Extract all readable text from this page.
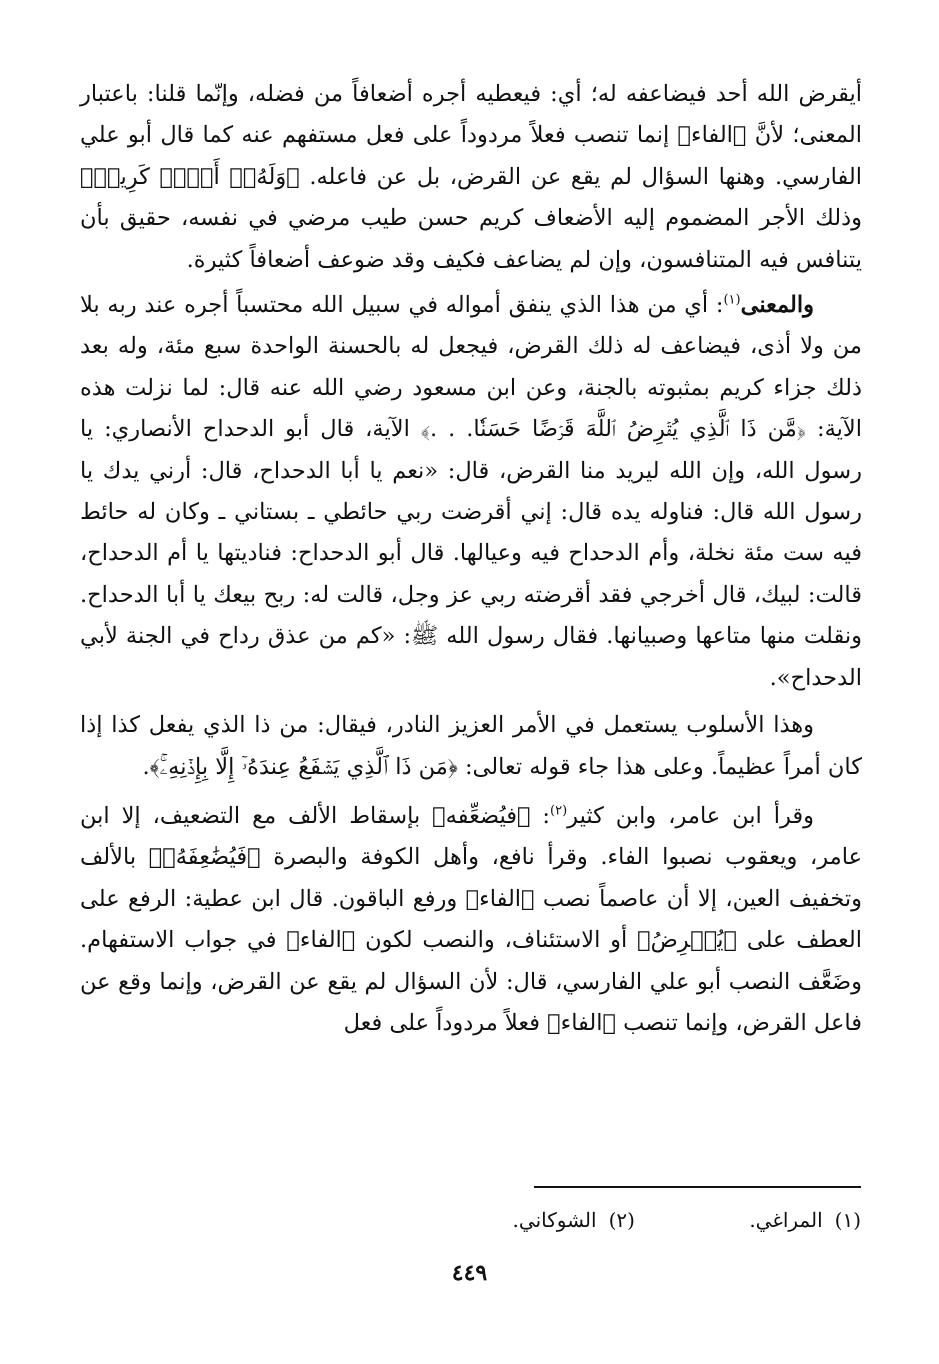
أيقرض الله أحد فيضاعفه له؛ أي: فيعطيه أجره أضعافاً من فضله، وإنّما قلنا: باعتبار المعنى؛ لأنَّ ﴿الفاء﴾ إنما تنصب فعلاً مردوداً على فعل مستفهم عنه كما قال أبو علي الفارسي. وهنها السؤال لم يقع عن القرض، بل عن فاعله. ﴿وَلَهُۥٓ أَجۡرٞ كَرِيمٞ﴾ وذلك الأجر المضموم إليه الأضعاف كريم حسن طيب مرضي في نفسه، حقيق بأن يتنافس فيه المتنافسون، وإن لم يضاعف فكيف وقد ضوعف أضعافاً كثيرة.

والمعنى$^{(١)}$: أي من هذا الذي ينفق أمواله في سبيل الله محتسباً أجره عند ربه بلا من ولا أذى، فيضاعف له ذلك القرض، فيجعل له بالحسنة الواحدة سبع مئة، وله بعد ذلك جزاء كريم بمثبوته بالجنة، وعن ابن مسعود رضي الله عنه قال: لما نزلت هذه الآية: ﴿مَّن ذَا ٱلَّذِي يُقۡرِضُ ٱللَّهَ قَرۡضًا حَسَنٗا. . .﴾ الآية، قال أبو الدحداح الأنصاري: يا رسول الله، وإن الله ليريد منا القرض، قال: «نعم يا أبا الدحداح، قال: أرني يدك يا رسول الله قال: فناوله يده قال: إني أقرضت ربي حائطي ـ بستاني ـ وكان له حائط فيه ست مئة نخلة، وأم الدحداح فيه وعيالها. قال أبو الدحداح: فناديتها يا أم الدحداح، قالت: لبيك، قال أخرجي فقد أقرضته ربي عز وجل، قالت له: ربح بيعك يا أبا الدحداح. ونقلت منها متاعها وصبيانها. فقال رسول الله ﷺ: «كم من عذق رداح في الجنة لأبي الدحداح».

وهذا الأسلوب يستعمل في الأمر العزيز النادر، فيقال: من ذا الذي يفعل كذا إذا كان أمراً عظيماً. وعلى هذا جاء قوله تعالى: ﴿مَن ذَا ٱلَّذِي يَشۡفَعُ عِندَهُۥٓ إِلَّا بِإِذۡنِهِۦۚ﴾.

وقرأ ابن عامر، وابن كثير$^{(٢)}$: ﴿فيُضعِّفه﴾ بإسقاط الألف مع التضعيف، إلا ابن عامر، ويعقوب نصبوا الفاء. وقرأ نافع، وأهل الكوفة والبصرة ﴿فَيُضَٰعِفَهُۥ﴾ بالألف وتخفيف العين، إلا أن عاصماً نصب ﴿الفاء﴾ ورفع الباقون. قال ابن عطية: الرفع على العطف على ﴿يُقۡرِضُ﴾ أو الاستئناف، والنصب لكون ﴿الفاء﴾ في جواب الاستفهام. وضَعَّف النصب أبو علي الفارسي، قال: لأن السؤال لم يقع عن القرض، وإنما وقع عن فاعل القرض، وإنما تنصب ﴿الفاء﴾ فعلاً مردوداً على فعل

(١)المراغي. (٢)الشوكاني.
٤٤٩
